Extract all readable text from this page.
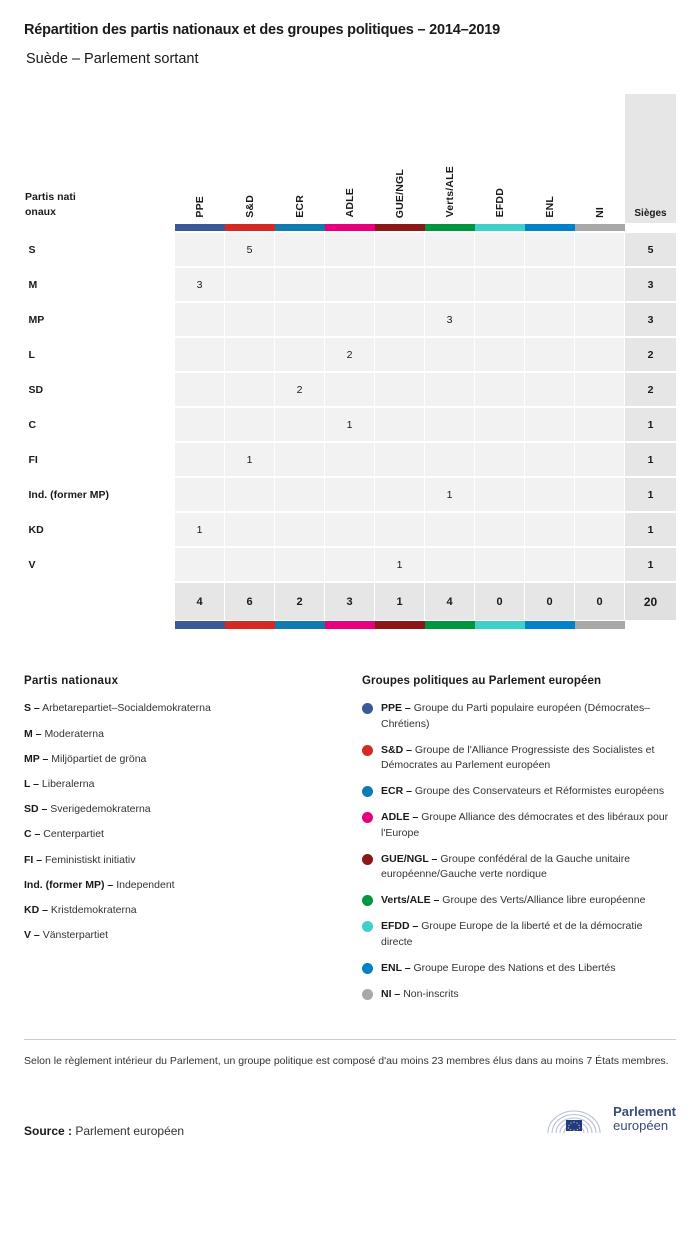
Répartition des partis nationaux et des groupes politiques – 2014–2019
Suède – Parlement sortant
Partis nationaux	PPE	S&D	ECR	ADLE	GUE/NGL	Verts/ALE	EFDD	ENL	NI	Sièges

S		5								5
M	3									3
MP						3				3
L				2						2
SD			2							2
C				1						1
FI		1								1
Ind. (former MP)						1				1
KD	1									1
V					1					1
	4	6	2	3	1	4	0	0	0	20

Partis nationaux
S – Arbetarepartiet–Socialdemokraterna
M – Moderaterna
MP – Miljöpartiet de gröna
L – Liberalerna
SD – Sverigedemokraterna
C – Centerpartiet
FI – Feministiskt initiativ
Ind. (former MP) – Independent
KD – Kristdemokraterna
V – Vänsterpartiet
Groupes politiques au Parlement européen
PPE – Groupe du Parti populaire européen (Démocrates–Chrétiens)
S&D – Groupe de l'Alliance Progressiste des Socialistes et Démocrates au Parlement européen
ECR – Groupe des Conservateurs et Réformistes européens
ADLE – Groupe Alliance des démocrates et des libéraux pour l'Europe
GUE/NGL – Groupe confédéral de la Gauche unitaire européenne/Gauche verte nordique
Verts/ALE – Groupe des Verts/Alliance libre européenne
EFDD – Groupe Europe de la liberté et de la démocratie directe
ENL – Groupe Europe des Nations et des Libertés
NI – Non-inscrits
Selon le règlement intérieur du Parlement, un groupe politique est composé d'au moins 23 membres élus dans au moins 7 États membres.
Source : Parlement européen
Parlement
européen
